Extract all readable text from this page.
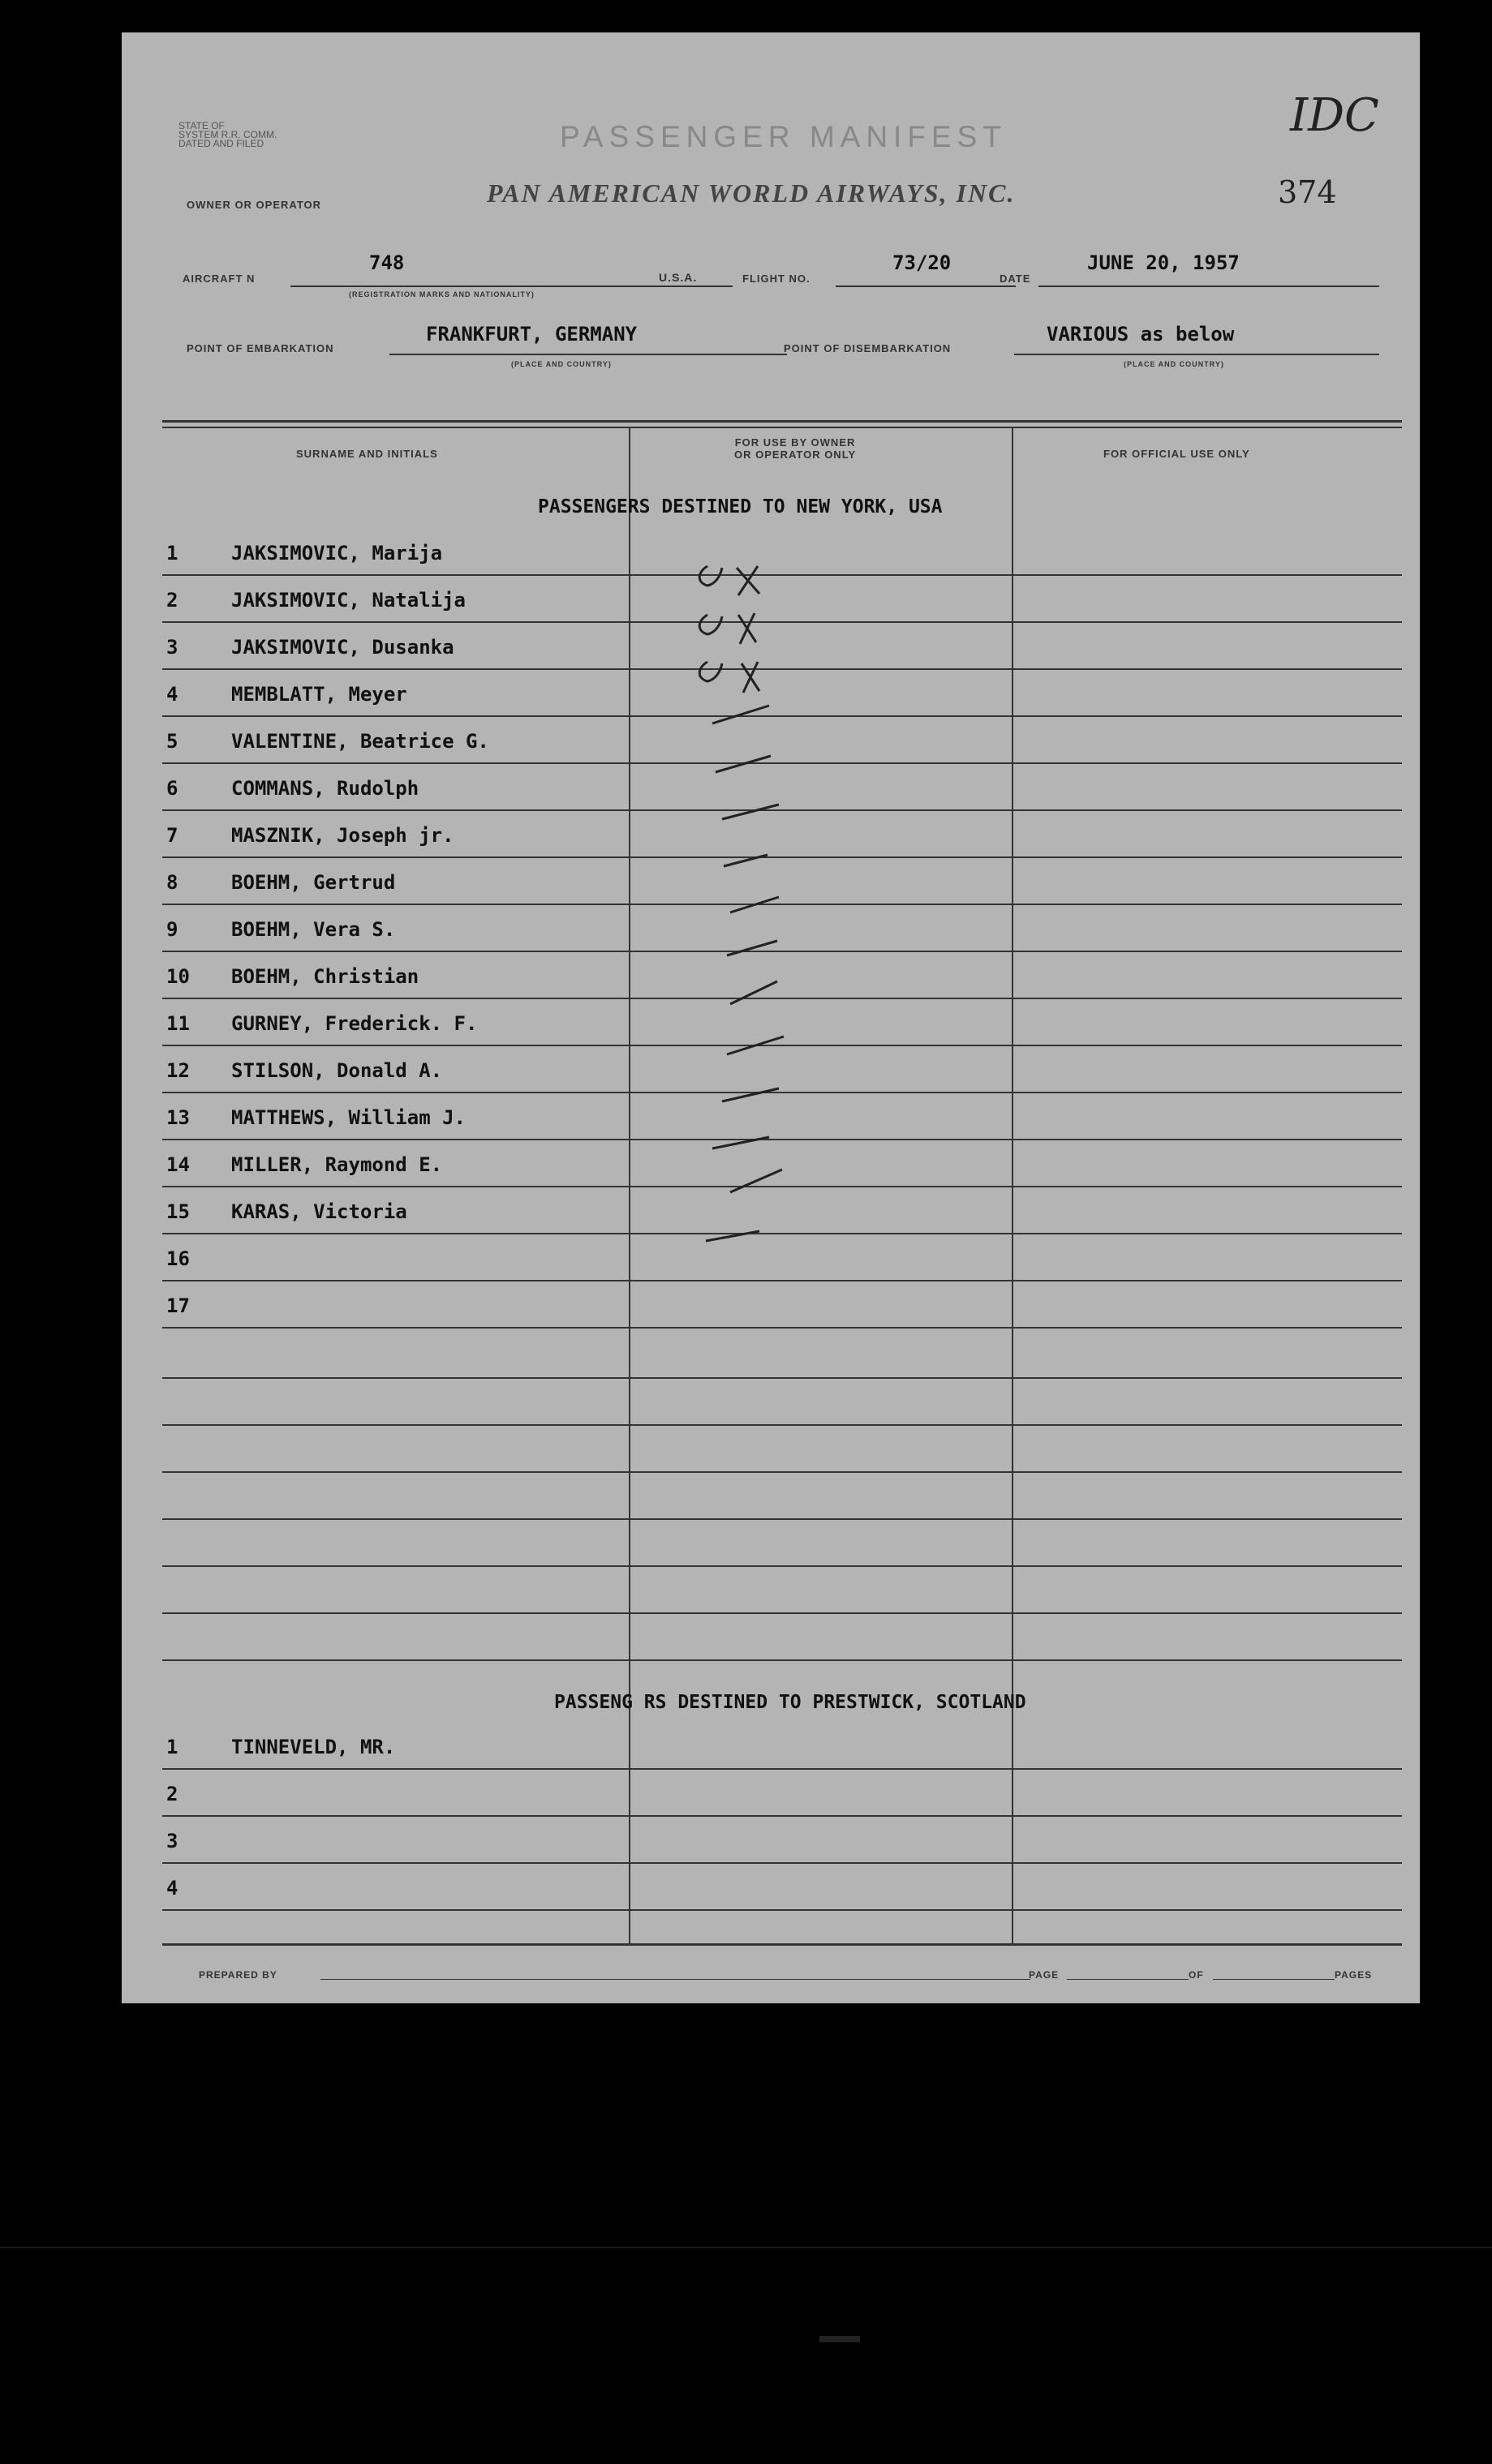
STATE OF
SYSTEM R.R. COMM.
DATED AND FILED	PASSENGER MANIFEST
OWNER OR OPERATOR	PAN AMERICAN WORLD AIRWAYS, INC.
IDC
374
AIRCRAFT N
748
(REGISTRATION MARKS AND NATIONALITY)
U.S.A.	FLIGHT NO.
73/20
DATE
JUNE 20, 1957
POINT OF EMBARKATION
FRANKFURT, GERMANY
(PLACE AND COUNTRY)
POINT OF DISEMBARKATION
VARIOUS as below
(PLACE AND COUNTRY)
SURNAME AND INITIALS
FOR USE BY OWNER
OR OPERATOR ONLY	FOR OFFICIAL USE ONLY
PASSENGERS DESTINED TO NEW YORK, USA
1	JAKSIMOVIC, Marija
2	JAKSIMOVIC, Natalija
3	JAKSIMOVIC, Dusanka
4	MEMBLATT, Meyer
5	VALENTINE, Beatrice G.
6	COMMANS, Rudolph
7	MASZNIK, Joseph jr.
8	BOEHM, Gertrud
9	BOEHM, Vera S.
10	BOEHM, Christian
11	GURNEY, Frederick. F.
12	STILSON, Donald A.
13	MATTHEWS, William J.
14	MILLER, Raymond E.
15	KARAS, Victoria
16
17
1	TINNEVELD, MR.
2
3
4
PASSENG RS DESTINED TO PRESTWICK, SCOTLAND
PREPARED BY	PAGE	OF	PAGES
